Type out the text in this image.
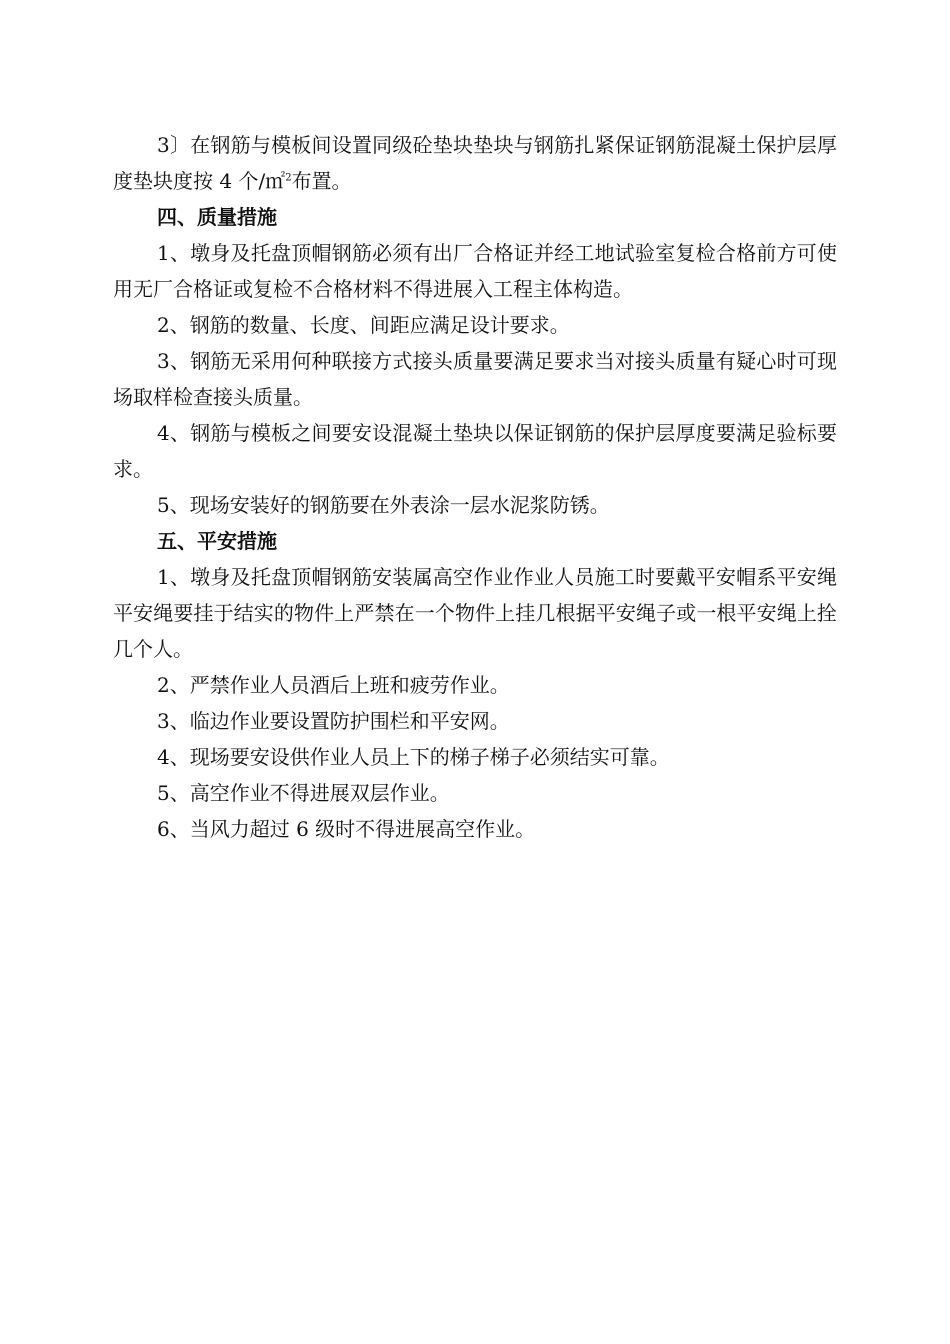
3〕在钢筋与模板间设置同级砼垫块垫块与钢筋扎紧保证钢筋混凝土保护层厚度垫块度按 4 个/㎡$^2$布置。

四、质量措施

1、墩身及托盘顶帽钢筋必须有出厂合格证并经工地试验室复检合格前方可使用无厂合格证或复检不合格材料不得进展入工程主体构造。

2、钢筋的数量、长度、间距应满足设计要求。

3、钢筋无采用何种联接方式接头质量要满足要求当对接头质量有疑心时可现场取样检查接头质量。

4、钢筋与模板之间要安设混凝土垫块以保证钢筋的保护层厚度要满足验标要求。

5、现场安装好的钢筋要在外表涂一层水泥浆防锈。

五、平安措施

1、墩身及托盘顶帽钢筋安装属高空作业作业人员施工时要戴平安帽系平安绳平安绳要挂于结实的物件上严禁在一个物件上挂几根据平安绳子或一根平安绳上拴几个人。

2、严禁作业人员酒后上班和疲劳作业。

3、临边作业要设置防护围栏和平安网。

4、现场要安设供作业人员上下的梯子梯子必须结实可靠。

5、高空作业不得进展双层作业。

6、当风力超过 6 级时不得进展高空作业。
